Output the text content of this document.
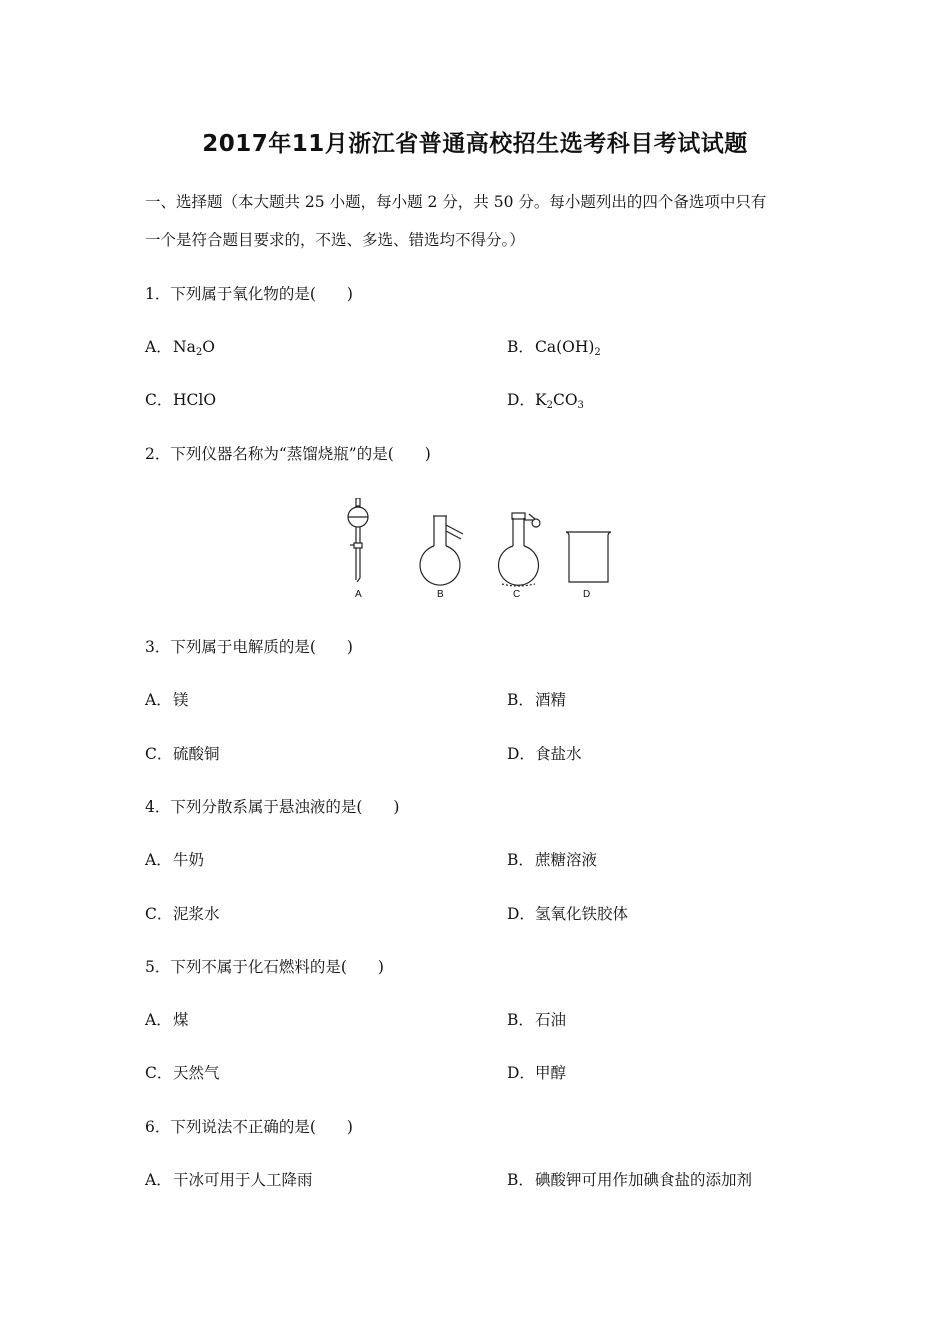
2017年11月浙江省普通高校招生选考科目考试试题
一、选择题（本大题共 25 小题，每小题 2 分，共 50 分。每小题列出的四个备选项中只有
一个是符合题目要求的，不选、多选、错选均不得分。）
1．下列属于氧化物的是(　　)
A．$Na_2O$	B．$Ca(OH)_2$
C．HClO	D．$K_2CO_3$
2．下列仪器名称为“蒸馏烧瓶”的是(　　)
A	B	C	D
3．下列属于电解质的是(　　)
A．镁	B．酒精
C．硫酸铜	D．食盐水
4．下列分散系属于悬浊液的是(　　)
A．牛奶	B．蔗糖溶液
C．泥浆水	D．氢氧化铁胶体
5．下列不属于化石燃料的是(　　)
A．煤	B．石油
C．天然气	D．甲醇
6．下列说法不正确的是(　　)
A．干冰可用于人工降雨	B．碘酸钾可用作加碘食盐的添加剂
